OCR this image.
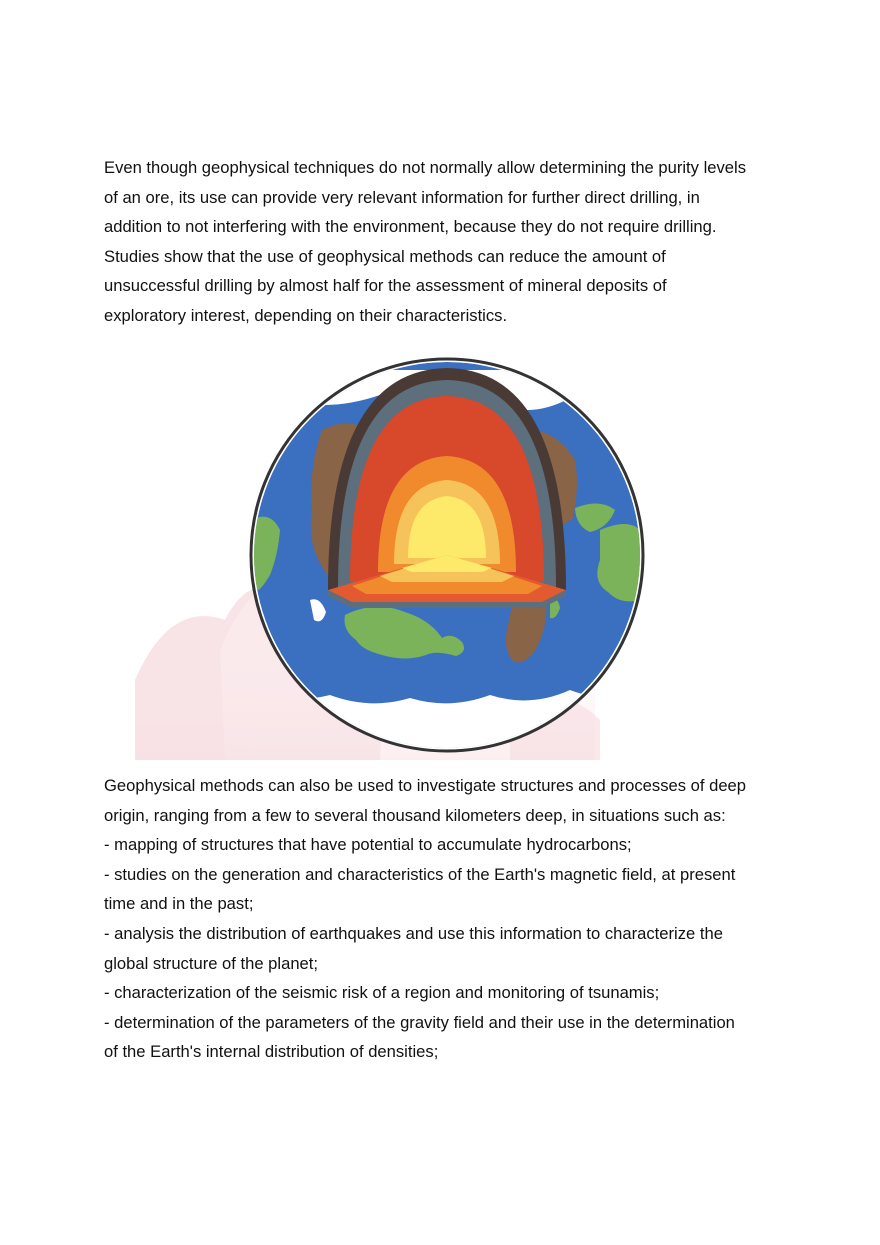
Even though geophysical techniques do not normally allow determining the purity levels
of an ore, its use can provide very relevant information for further direct drilling, in
addition to not interfering with the environment, because they do not require drilling.
Studies show that the use of geophysical methods can reduce the amount of
unsuccessful drilling by almost half for the assessment of mineral deposits of
exploratory interest, depending on their characteristics.

Geophysical methods can also be used to investigate structures and processes of deep
origin, ranging from a few to several thousand kilometers deep, in situations such as:
- mapping of structures that have potential to accumulate hydrocarbons;
- studies on the generation and characteristics of the Earth's magnetic field, at present
time and in the past;
- analysis the distribution of earthquakes and use this information to characterize the
global structure of the planet;
- characterization of the seismic risk of a region and monitoring of tsunamis;
- determination of the parameters of the gravity field and their use in the determination
of the Earth's internal distribution of densities;
